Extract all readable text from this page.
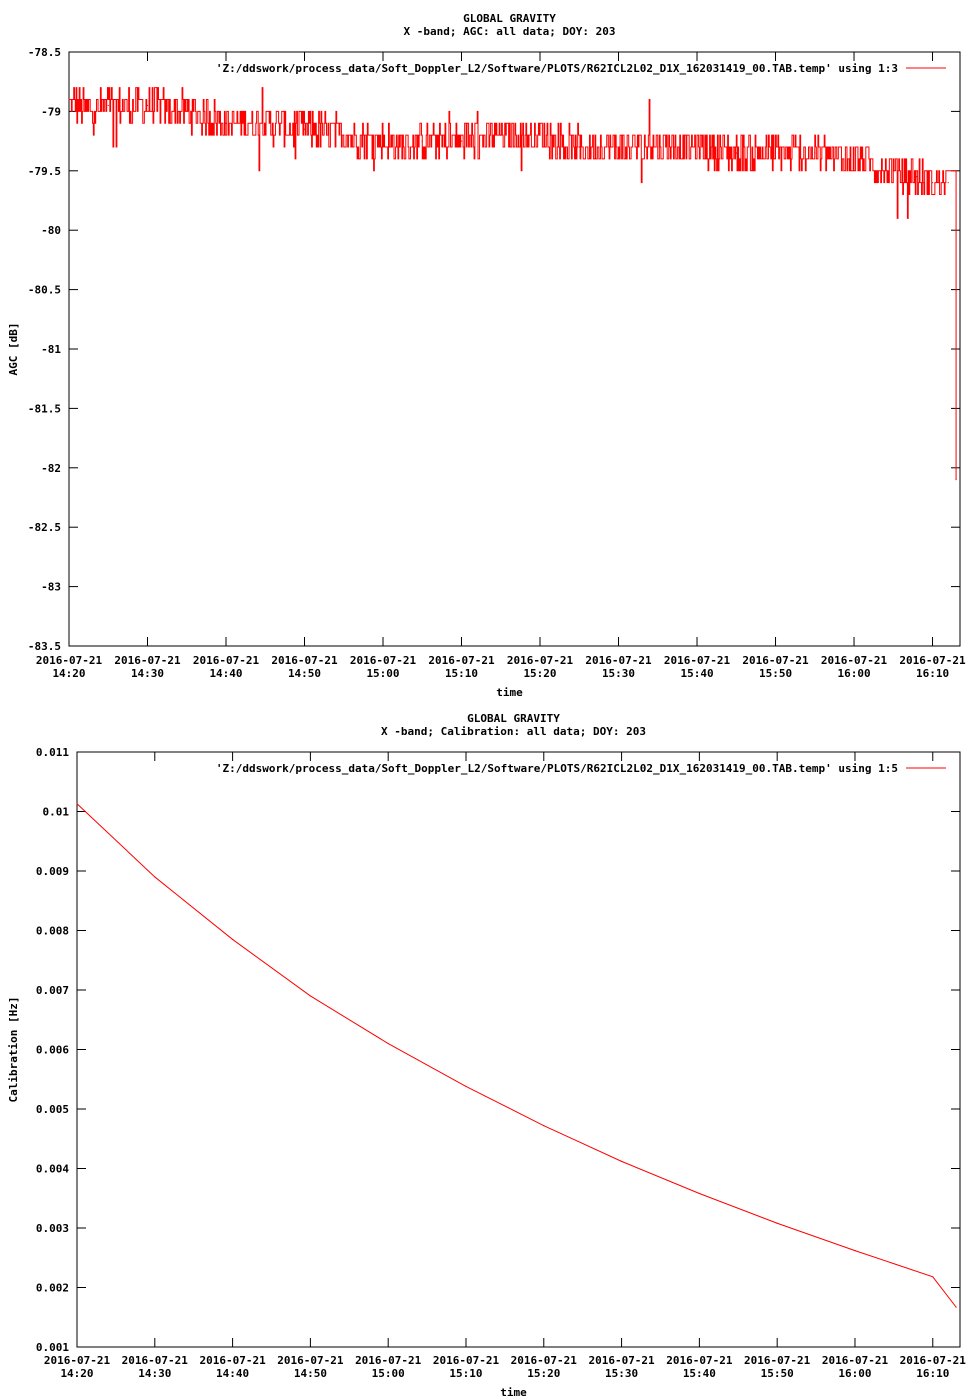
GLOBAL GRAVITY
X -band; AGC: all data; DOY: 203
-78.5
-79
-79.5
-80
-80.5
-81
-81.5
-82
-82.5
-83
-83.5
2016-07-21
14:20
2016-07-21
14:30
2016-07-21
14:40
2016-07-21
14:50
2016-07-21
15:00
2016-07-21
15:10
2016-07-21
15:20
2016-07-21
15:30
2016-07-21
15:40
2016-07-21
15:50
2016-07-21
16:00
2016-07-21
16:10
time
AGC [dB]
'Z:/ddswork/process_data/Soft_Doppler_L2/Software/PLOTS/R62ICL2L02_D1X_162031419_00.TAB.temp' using 1:3
GLOBAL GRAVITY
X -band; Calibration: all data; DOY: 203
0.011
0.01
0.009
0.008
0.007
0.006
0.005
0.004
0.003
0.002
0.001
2016-07-21
14:20
2016-07-21
14:30
2016-07-21
14:40
2016-07-21
14:50
2016-07-21
15:00
2016-07-21
15:10
2016-07-21
15:20
2016-07-21
15:30
2016-07-21
15:40
2016-07-21
15:50
2016-07-21
16:00
2016-07-21
16:10
time
Calibration [Hz]
'Z:/ddswork/process_data/Soft_Doppler_L2/Software/PLOTS/R62ICL2L02_D1X_162031419_00.TAB.temp' using 1:5
